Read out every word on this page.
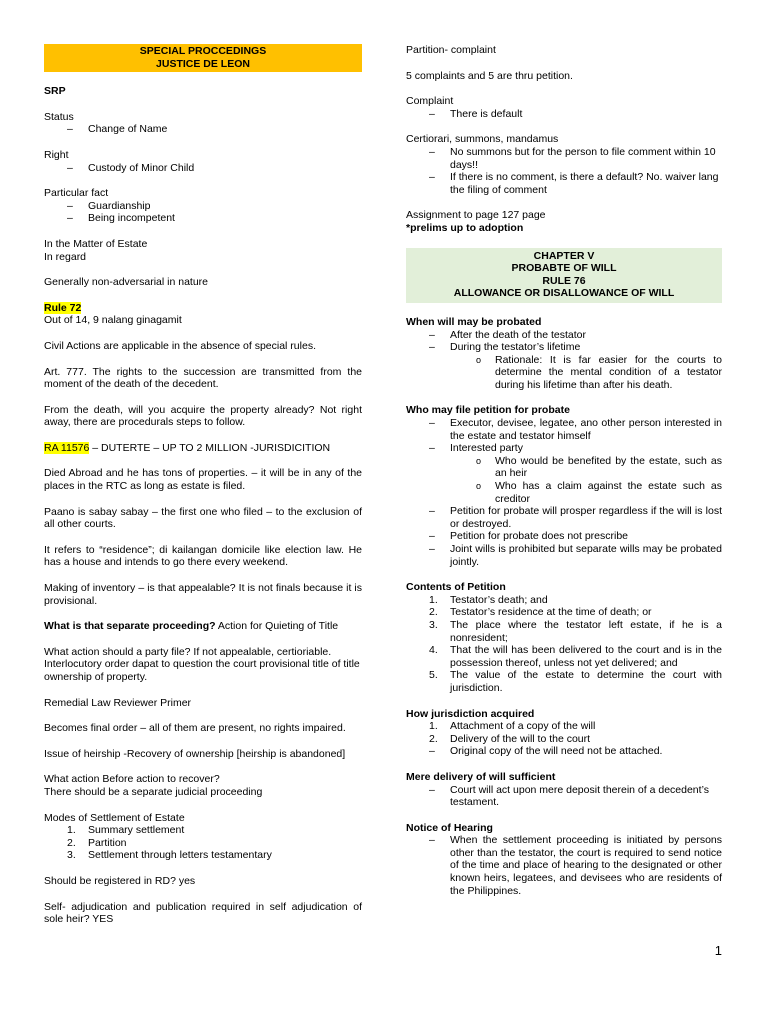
SPECIAL PROCCEDINGS
JUSTICE DE LEON

SRP

Status

– Change of Name

Right

– Custody of Minor Child

Particular fact

– Guardianship

– Being incompetent

In the Matter of Estate

In regard

Generally non-adversarial in nature

Rule 72

Out of 14, 9 nalang ginagamit

Civil Actions are applicable in the absence of special rules.

Art. 777. The rights to the succession are transmitted from the moment of the death of the decedent.

From the death, will you acquire the property already? Not right away, there are procedurals steps to follow.

RA 11576 – DUTERTE – UP TO 2 MILLION -JURISDICITION

Died Abroad and he has tons of properties. – it will be in any of the places in the RTC as long as estate is filed.

Paano is sabay sabay – the first one who filed – to the exclusion of all other courts.

It refers to “residence”; di kailangan domicile like election law. He has a house and intends to go there every weekend.

Making of inventory – is that appealable? It is not finals because it is provisional.

What is that separate proceeding? Action for Quieting of Title

What action should a party file? If not appealable, certioriable. Interlocutory order dapat to question the court provisional title of title ownership of property.

Remedial Law Reviewer Primer

Becomes final order – all of them are present, no rights impaired.

Issue of heirship -Recovery of ownership [heirship is abandoned]

What action Before action to recover?

There should be a separate judicial proceeding

Modes of Settlement of Estate

1. Summary settlement

2. Partition

3. Settlement through letters testamentary

Should be registered in RD? yes

Self- adjudication and publication required in self adjudication of sole heir? YES

Partition- complaint

5 complaints and 5 are thru petition.

Complaint

– There is default

Certiorari, summons, mandamus

– No summons but for the person to file comment within 10 days!!

– If there is no comment, is there a default? No. waiver lang the filing of comment

Assignment to page 127 page

*prelims up to adoption

CHAPTER V
PROBABTE OF WILL
RULE 76
ALLOWANCE OR DISALLOWANCE OF WILL

When will may be probated

– After the death of the testator

– During the testator’s lifetime

o Rationale: It is far easier for the courts to determine the mental condition of a testator during his lifetime than after his death.

Who may file petition for probate

– Executor, devisee, legatee, ano other person interested in the estate and testator himself

– Interested party

o Who would be benefited by the estate, such as an heir

o Who has a claim against the estate such as creditor

– Petition for probate will prosper regardless if the will is lost or destroyed.

– Petition for probate does not prescribe

– Joint wills is prohibited but separate wills may be probated jointly.

Contents of Petition

1. Testator’s death; and

2. Testator’s residence at the time of death; or

3. The place where the testator left estate, if he is a nonresident;

4. That the will has been delivered to the court and is in the possession thereof, unless not yet delivered; and

5. The value of the estate to determine the court with jurisdiction.

How jurisdiction acquired

1. Attachment of a copy of the will

2. Delivery of the will to the court

– Original copy of the will need not be attached.

Mere delivery of will sufficient

– Court will act upon mere deposit therein of a decedent’s testament.

Notice of Hearing

– When the settlement proceeding is initiated by persons other than the testator, the court is required to send notice of the time and place of hearing to the designated or other known heirs, legatees, and devisees who are residents of the Philippines.

1
